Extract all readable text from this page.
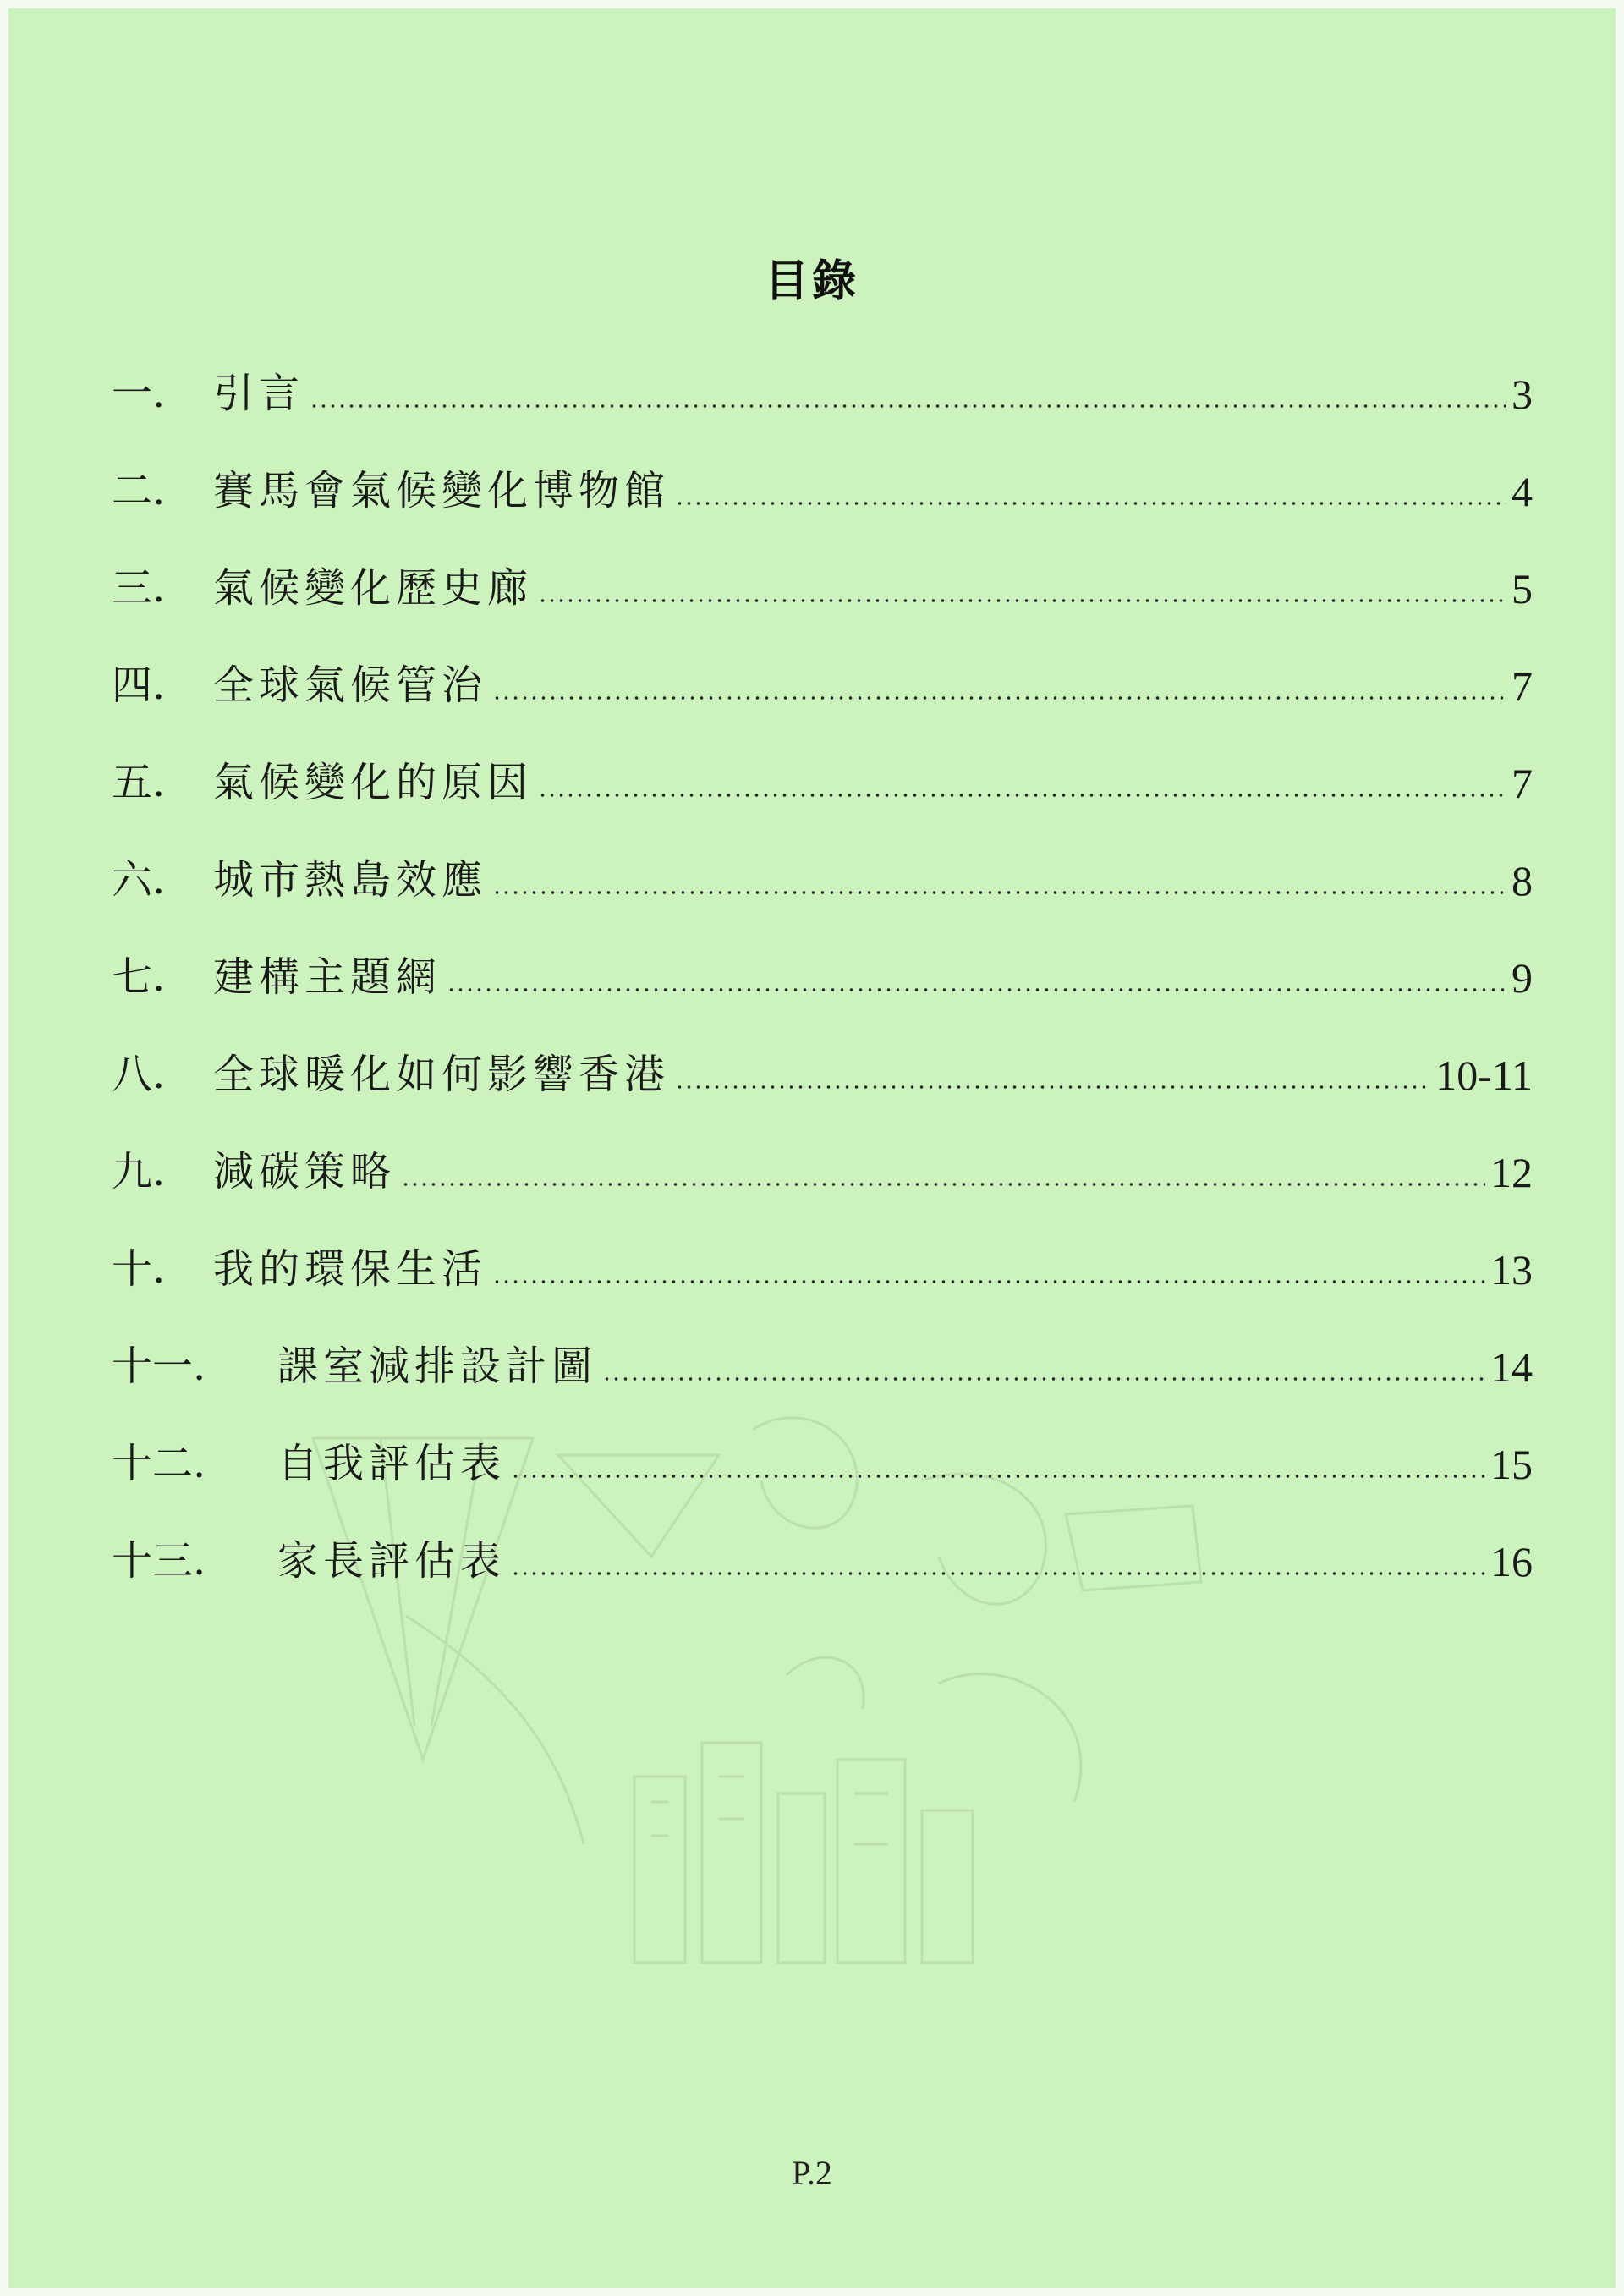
目錄
一.	引言	3
二.	賽馬會氣候變化博物館	4
三.	氣候變化歷史廊	5
四.	全球氣候管治	7
五.	氣候變化的原因	7
六.	城市熱島效應	8
七.	建構主題網	9
八.	全球暖化如何影響香港	10-11
九.	減碳策略	12
十.	我的環保生活	13
十一.	課室減排設計圖	14
十二.	自我評估表	15
十三.	家長評估表	16
P.2
